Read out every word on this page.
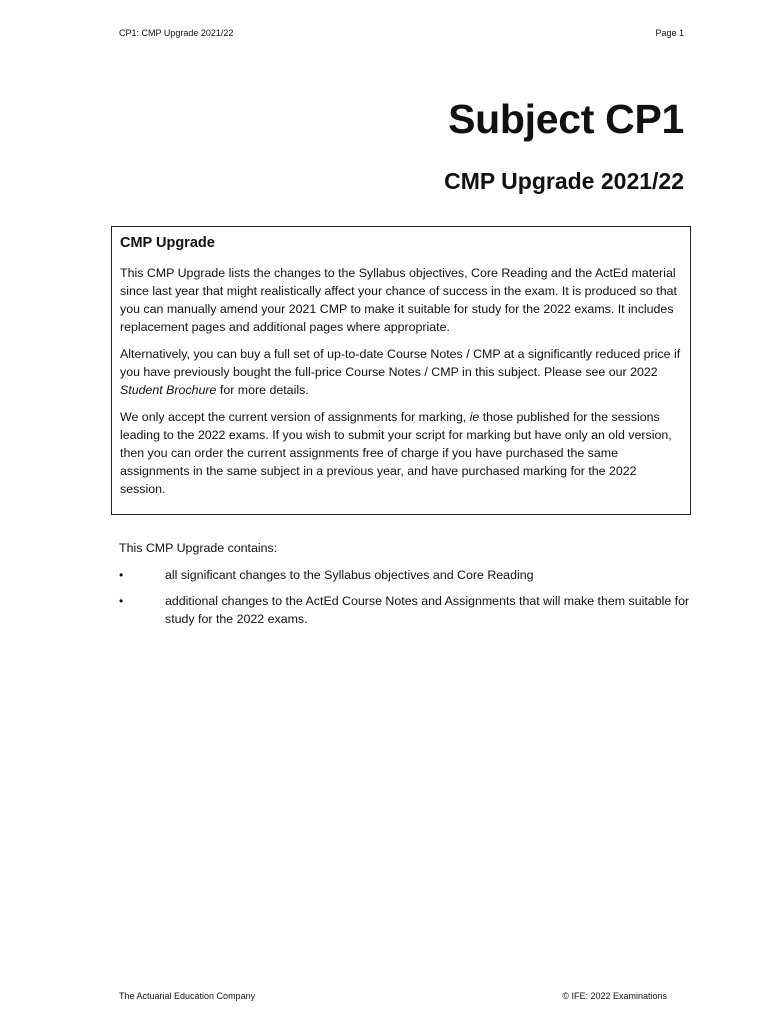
CP1: CMP Upgrade 2021/22	Page 1
Subject CP1
CMP Upgrade 2021/22
CMP Upgrade

This CMP Upgrade lists the changes to the Syllabus objectives, Core Reading and the ActEd material since last year that might realistically affect your chance of success in the exam. It is produced so that you can manually amend your 2021 CMP to make it suitable for study for the 2022 exams. It includes replacement pages and additional pages where appropriate.

Alternatively, you can buy a full set of up-to-date Course Notes / CMP at a significantly reduced price if you have previously bought the full-price Course Notes / CMP in this subject. Please see our 2022 Student Brochure for more details.

We only accept the current version of assignments for marking, ie those published for the sessions leading to the 2022 exams. If you wish to submit your script for marking but have only an old version, then you can order the current assignments free of charge if you have purchased the same assignments in the same subject in a previous year, and have purchased marking for the 2022 session.

This CMP Upgrade contains:

•	all significant changes to the Syllabus objectives and Core Reading
•	additional changes to the ActEd Course Notes and Assignments that will make them suitable for study for the 2022 exams.
The Actuarial Education Company	© IFE: 2022 Examinations
